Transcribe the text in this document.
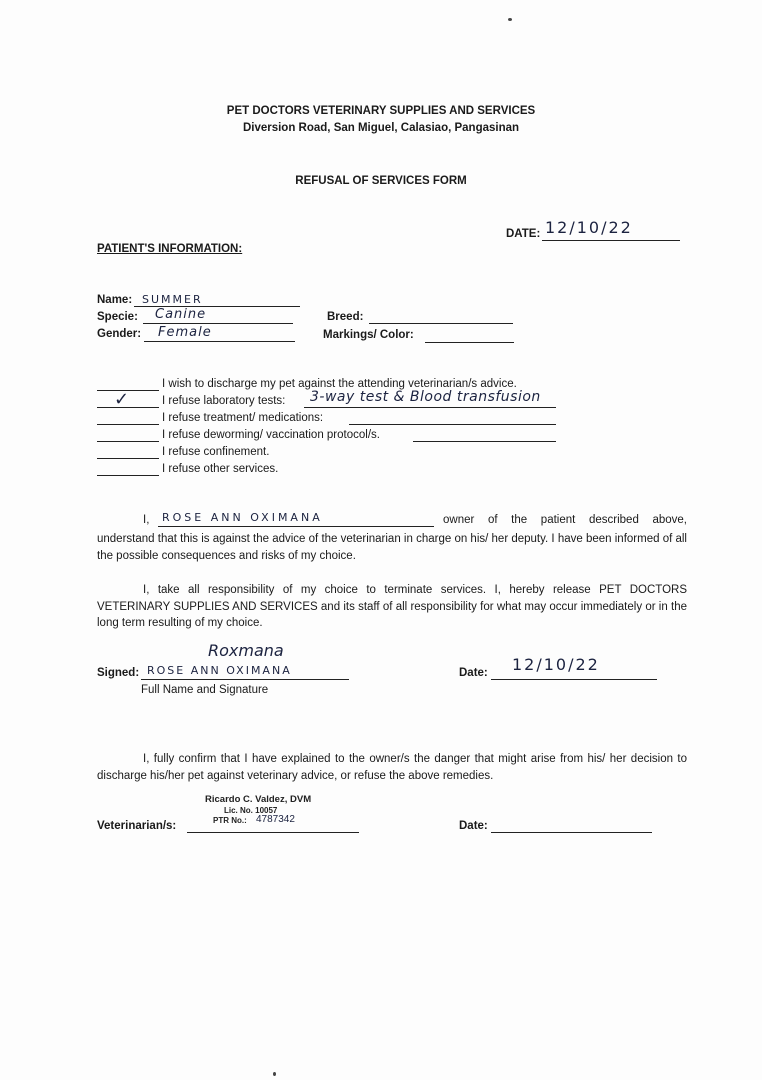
PET DOCTORS VETERINARY SUPPLIES AND SERVICES
Diversion Road, San Miguel, Calasiao, Pangasinan
REFUSAL OF SERVICES FORM
DATE: 12/10/22
PATIENT'S INFORMATION:
Name: SUMMER
Specie: Canine
Gender: Female
Breed:
Markings/ Color:
I wish to discharge my pet against the attending veterinarian/s advice.
✓	I refuse laboratory tests: 3-way test & Blood transfusion
I refuse treatment/ medications:
I refuse deworming/ vaccination protocol/s.
I refuse confinement.
I refuse other services.
I, ROSE ANN OXIMANA	owner of the patient described above,
understand that this is against the advice of the veterinarian in charge on his/ her deputy. I have been informed of all the possible consequences and risks of my choice.
I, take all responsibility of my choice to terminate services. I, hereby release PET DOCTORS VETERINARY SUPPLIES AND SERVICES and its staff of all responsibility for what may occur immediately or in the long term resulting of my choice.
Roxmana
Signed: ROSE ANN OXIMANA
Full Name and Signature
Date: 12/10/22
I, fully confirm that I have explained to the owner/s the danger that might arise from his/ her decision to discharge his/her pet against veterinary advice, or refuse the above remedies.
Ricardo C. Valdez, DVM
Lic. No. 10057
PTR No.: 4787342
Veterinarian/s:	Date:
